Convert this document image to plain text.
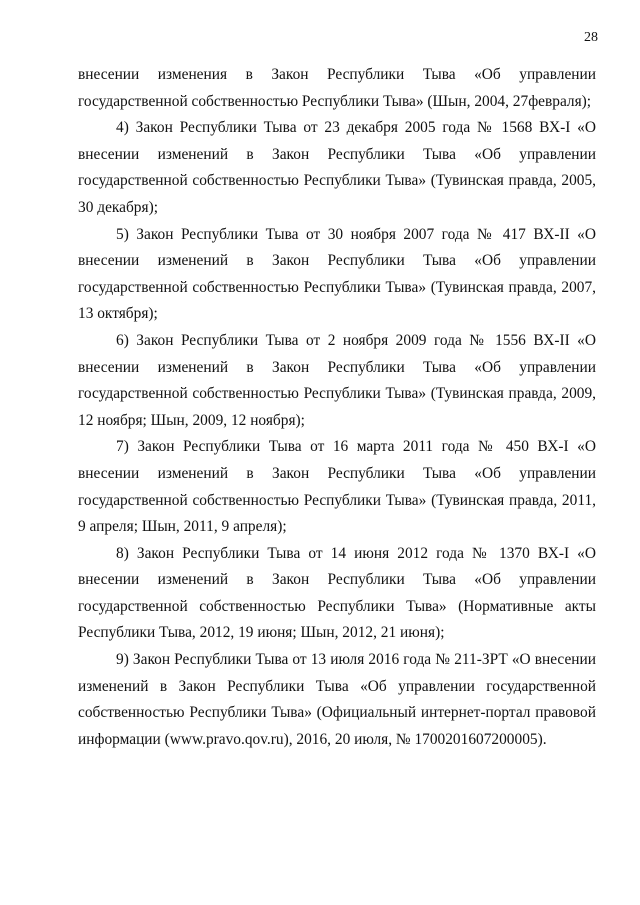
28

внесении изменения в Закон Республики Тыва «Об управлении государственной собственностью Республики Тыва» (Шын, 2004, 27февраля);

4) Закон Республики Тыва от 23 декабря 2005 года № 1568 ВХ-I «О внесении изменений в Закон Республики Тыва «Об управлении государственной собственностью Республики Тыва» (Тувинская правда, 2005, 30 декабря);

5) Закон Республики Тыва от 30 ноября 2007 года № 417 ВХ-II «О внесении изменений в Закон Республики Тыва «Об управлении государственной собственностью Республики Тыва» (Тувинская правда, 2007, 13 октября);

6) Закон Республики Тыва от 2 ноября 2009 года № 1556 ВХ-II «О внесении изменений в Закон Республики Тыва «Об управлении государственной собственностью Республики Тыва» (Тувинская правда, 2009, 12 ноября; Шын, 2009, 12 ноября);

7) Закон Республики Тыва от 16 марта 2011 года № 450 ВХ-I «О внесении изменений в Закон Республики Тыва «Об управлении государственной собственностью Республики Тыва» (Тувинская правда, 2011, 9 апреля; Шын, 2011, 9 апреля);

8) Закон Республики Тыва от 14 июня 2012 года № 1370 ВХ-I «О внесении изменений в Закон Республики Тыва «Об управлении государственной собственностью Республики Тыва» (Нормативные акты Республики Тыва, 2012, 19 июня; Шын, 2012, 21 июня);

9) Закон Республики Тыва от 13 июля 2016 года № 211-ЗРТ «О внесении изменений в Закон Республики Тыва «Об управлении государственной собственностью Республики Тыва» (Официальный интернет-портал правовой информации (www.pravo.qov.ru), 2016, 20 июля, № 1700201607200005).
